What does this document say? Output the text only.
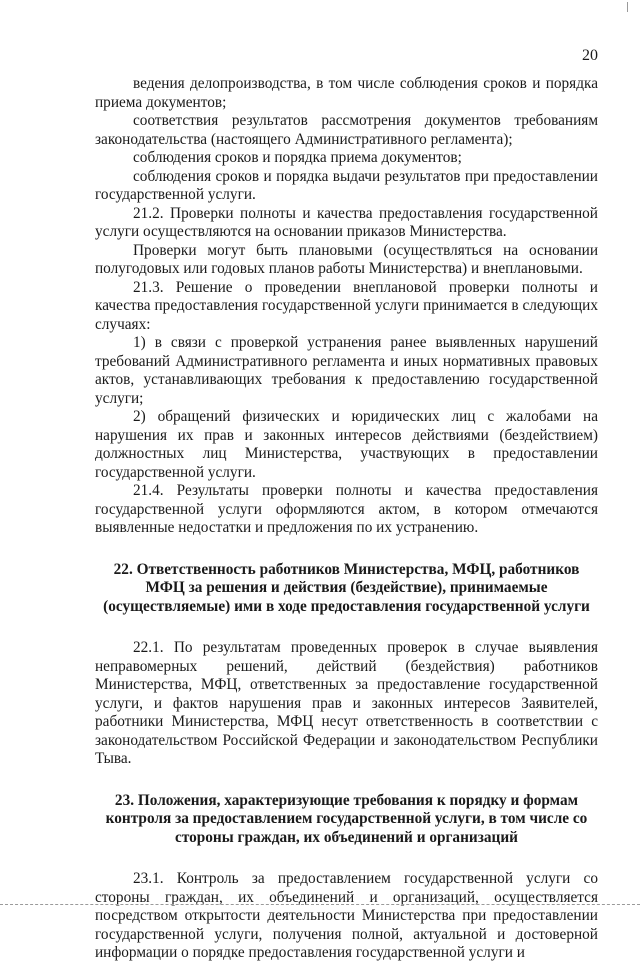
20

ведения делопроизводства, в том числе соблюдения сроков и порядка приема документов;

соответствия результатов рассмотрения документов требованиям законодательства (настоящего Административного регламента);

соблюдения сроков и порядка приема документов;

соблюдения сроков и порядка выдачи результатов при предоставлении государственной услуги.

21.2. Проверки полноты и качества предоставления государственной услуги осуществляются на основании приказов Министерства.

Проверки могут быть плановыми (осуществляться на основании полугодовых или годовых планов работы Министерства) и внеплановыми.

21.3. Решение о проведении внеплановой проверки полноты и качества предоставления государственной услуги принимается в следующих случаях:

1) в связи с проверкой устранения ранее выявленных нарушений требований Административного регламента и иных нормативных правовых актов, устанавливающих требования к предоставлению государственной услуги;

2) обращений физических и юридических лиц с жалобами на нарушения их прав и законных интересов действиями (бездействием) должностных лиц Министерства, участвующих в предоставлении государственной услуги.

21.4. Результаты проверки полноты и качества предоставления государственной услуги оформляются актом, в котором отмечаются выявленные недостатки и предложения по их устранению.

22. Ответственность работников Министерства, МФЦ, работников МФЦ за решения и действия (бездействие), принимаемые (осуществляемые) ими в ходе предоставления государственной услуги

22.1. По результатам проведенных проверок в случае выявления неправомерных решений, действий (бездействия) работников Министерства, МФЦ, ответственных за предоставление государственной услуги, и фактов нарушения прав и законных интересов Заявителей, работники Министерства, МФЦ несут ответственность в соответствии с законодательством Российской Федерации и законодательством Республики Тыва.

23. Положения, характеризующие требования к порядку и формам контроля за предоставлением государственной услуги, в том числе со стороны граждан, их объединений и организаций

23.1. Контроль за предоставлением государственной услуги со стороны граждан, их объединений и организаций, осуществляется посредством открытости деятельности Министерства при предоставлении государственной услуги, получения полной, актуальной и достоверной информации о порядке предоставления государственной услуги и
